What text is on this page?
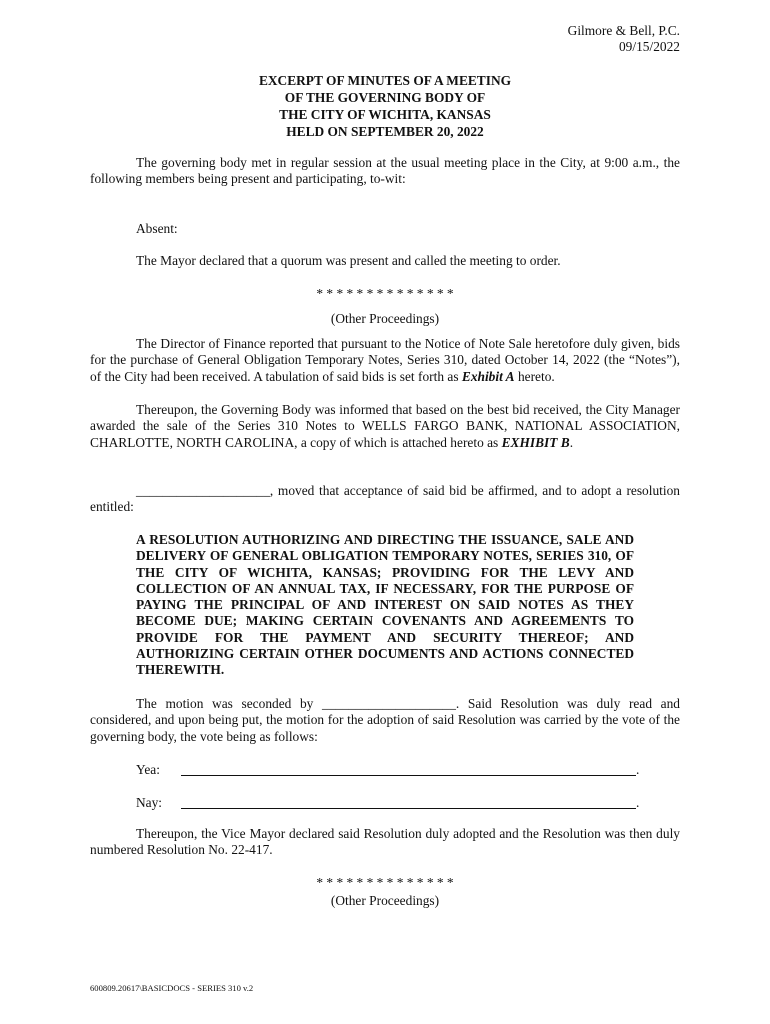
Gilmore & Bell, P.C.
09/15/2022
EXCERPT OF MINUTES OF A MEETING
OF THE GOVERNING BODY OF
THE CITY OF WICHITA, KANSAS
HELD ON SEPTEMBER 20, 2022
The governing body met in regular session at the usual meeting place in the City, at 9:00 a.m., the following members being present and participating, to-wit:
Absent:
The Mayor declared that a quorum was present and called the meeting to order.
* * * * * * * * * * * * * *
(Other Proceedings)
The Director of Finance reported that pursuant to the Notice of Note Sale heretofore duly given, bids for the purchase of General Obligation Temporary Notes, Series 310, dated October 14, 2022 (the “Notes”), of the City had been received. A tabulation of said bids is set forth as Exhibit A hereto.
Thereupon, the Governing Body was informed that based on the best bid received, the City Manager awarded the sale of the Series 310 Notes to WELLS FARGO BANK, NATIONAL ASSOCIATION, CHARLOTTE, NORTH CAROLINA, a copy of which is attached hereto as EXHIBIT B.
____________________, moved that acceptance of said bid be affirmed, and to adopt a resolution entitled:
A RESOLUTION AUTHORIZING AND DIRECTING THE ISSUANCE, SALE AND DELIVERY OF GENERAL OBLIGATION TEMPORARY NOTES, SERIES 310, OF THE CITY OF WICHITA, KANSAS; PROVIDING FOR THE LEVY AND COLLECTION OF AN ANNUAL TAX, IF NECESSARY, FOR THE PURPOSE OF PAYING THE PRINCIPAL OF AND INTEREST ON SAID NOTES AS THEY BECOME DUE; MAKING CERTAIN COVENANTS AND AGREEMENTS TO PROVIDE FOR THE PAYMENT AND SECURITY THEREOF; AND AUTHORIZING CERTAIN OTHER DOCUMENTS AND ACTIONS CONNECTED THEREWITH.
The motion was seconded by ____________________. Said Resolution was duly read and considered, and upon being put, the motion for the adoption of said Resolution was carried by the vote of the governing body, the vote being as follows:
Yea:	.
Nay:	.
Thereupon, the Vice Mayor declared said Resolution duly adopted and the Resolution was then duly numbered Resolution No. 22-417.
* * * * * * * * * * * * * *
(Other Proceedings)
600809.20617\BASICDOCS - SERIES 310 v.2
